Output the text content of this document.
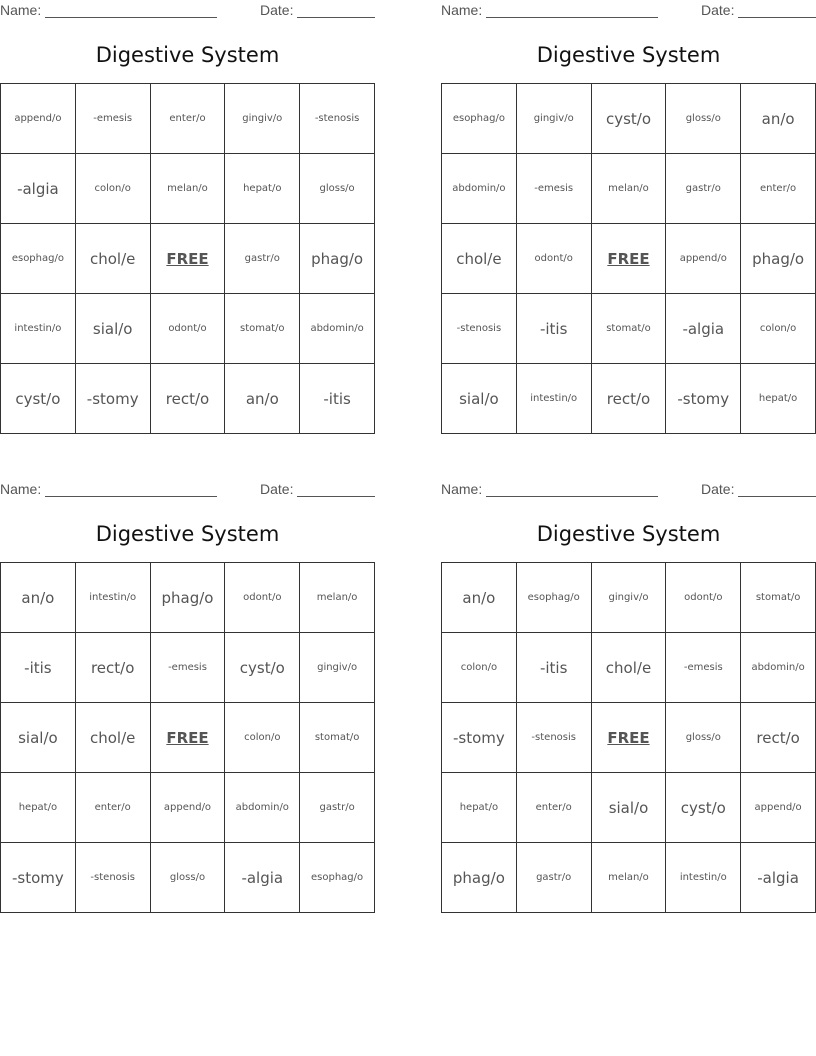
Name:	Date:
Digestive System
append/o	-emesis	enter/o	gingiv/o	-stenosis
-algia	colon/o	melan/o	hepat/o	gloss/o
esophag/o	chol/e	FREE	gastr/o	phag/o
intestin/o	sial/o	odont/o	stomat/o	abdomin/o
cyst/o	-stomy	rect/o	an/o	-itis
Name:	Date:
Digestive System
esophag/o	gingiv/o	cyst/o	gloss/o	an/o
abdomin/o	-emesis	melan/o	gastr/o	enter/o
chol/e	odont/o	FREE	append/o	phag/o
-stenosis	-itis	stomat/o	-algia	colon/o
sial/o	intestin/o	rect/o	-stomy	hepat/o
Name:	Date:
Digestive System
an/o	intestin/o	phag/o	odont/o	melan/o
-itis	rect/o	-emesis	cyst/o	gingiv/o
sial/o	chol/e	FREE	colon/o	stomat/o
hepat/o	enter/o	append/o	abdomin/o	gastr/o
-stomy	-stenosis	gloss/o	-algia	esophag/o
Name:	Date:
Digestive System
an/o	esophag/o	gingiv/o	odont/o	stomat/o
colon/o	-itis	chol/e	-emesis	abdomin/o
-stomy	-stenosis	FREE	gloss/o	rect/o
hepat/o	enter/o	sial/o	cyst/o	append/o
phag/o	gastr/o	melan/o	intestin/o	-algia
